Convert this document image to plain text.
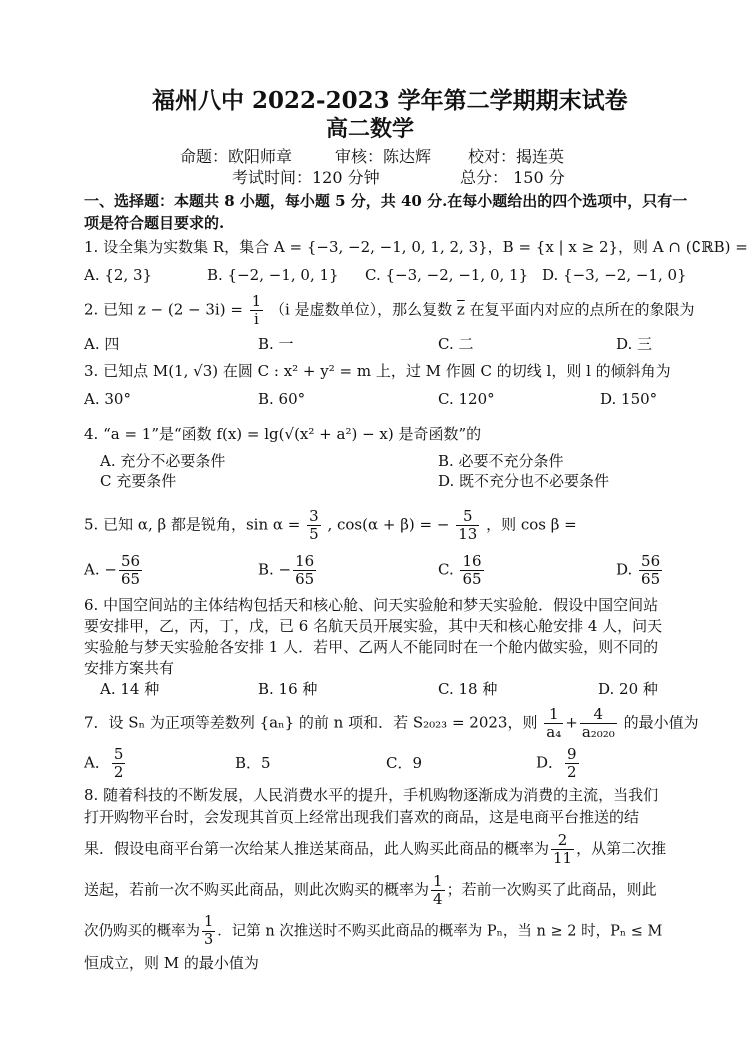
福州八中 2022-2023 学年第二学期期末试卷
高二数学
命题：欧阳师章	审核：陈达辉 校对：揭连英
考试时间：120 分钟	总分： 150 分
一、选择题：本题共 8 小题，每小题 5 分，共 40 分.在每小题给出的四个选项中，只有一
项是符合题目要求的.
1. 设全集为实数集 R，集合 A = {−3, −2, −1, 0, 1, 2, 3}，B = {x | x ≥ 2}，则 A ∩ (∁ℝB) =
A. {2, 3}	B. {−2, −1, 0, 1} C. {−3, −2, −1, 0, 1} D. {−3, −2, −1, 0}
2. 已知 $z - (2 - 3i) = \frac{1}{i} (i$ 是虚数单位），那么复数 $\overline{z}$ 在复平面内对应的点所在的象限为
A. 四	B. 一	C. 二	D. 三
3. 已知点 M(1, √3) 在圆 C : x² + y² = m 上，过 M 作圆 C 的切线 l，则 l 的倾斜角为
A. 30°	B. 60°	C. 120°	D. 150°
4. “a = 1”是“函数 f(x) = lg(√(x² + a²) − x) 是奇函数”的
A. 充分不必要条件	B. 必要不充分条件
C 充要条件	D. 既不充分也不必要条件
5. 已知 α, β 都是锐角，$\sin \alpha = \frac{3}{5}$ , cos(α + β) = − $\frac{5}{13}$ ，则 cos β =
A. − $\frac{56}{65}$	B. − $\frac{16}{65}$	C. $\frac{16}{65}$	D. $\frac{56}{65}$
6. 中国空间站的主体结构包括天和核心舱、问天实验舱和梦天实验舱．假设中国空间站
要安排甲，乙，丙，丁，戊，已 6 名航天员开展实验，其中天和核心舱安排 4 人，问天
实验舱与梦天实验舱各安排 1 人．若甲、乙两人不能同时在一个舱内做实验，则不同的
安排方案共有
A. 14 种	B. 16 种	C. 18 种	D. 20 种
7．设 Sₙ 为正项等差数列 {aₙ} 的前 n 项和．若 S₂₀₂₃ = 2023，则 $\frac{1}{\text{a₄}} + \frac{4}{\text{a₂₀₂₀}}$ 的最小值为
A． $\frac{5}{2}$	B．5	C．9	D． $\frac{9}{2}$
8. 随着科技的不断发展，人民消费水平的提升，手机购物逐渐成为消费的主流，当我们
打开购物平台时，会发现其首页上经常出现我们喜欢的商品，这是电商平台推送的结
果．假设电商平台第一次给某人推送某商品，此人购买此商品的概率为 $\frac{2}{11}$ ，从第二次推
送起，若前一次不购买此商品，则此次购买的概率为 $\frac{1}{4}$ ；若前一次购买了此商品，则此
次仍购买的概率为 $\frac{1}{3}$ ．记第 n 次推送时不购买此商品的概率为 Pₙ，当 n ≥ 2 时，Pₙ ≤ M
恒成立，则 M 的最小值为
